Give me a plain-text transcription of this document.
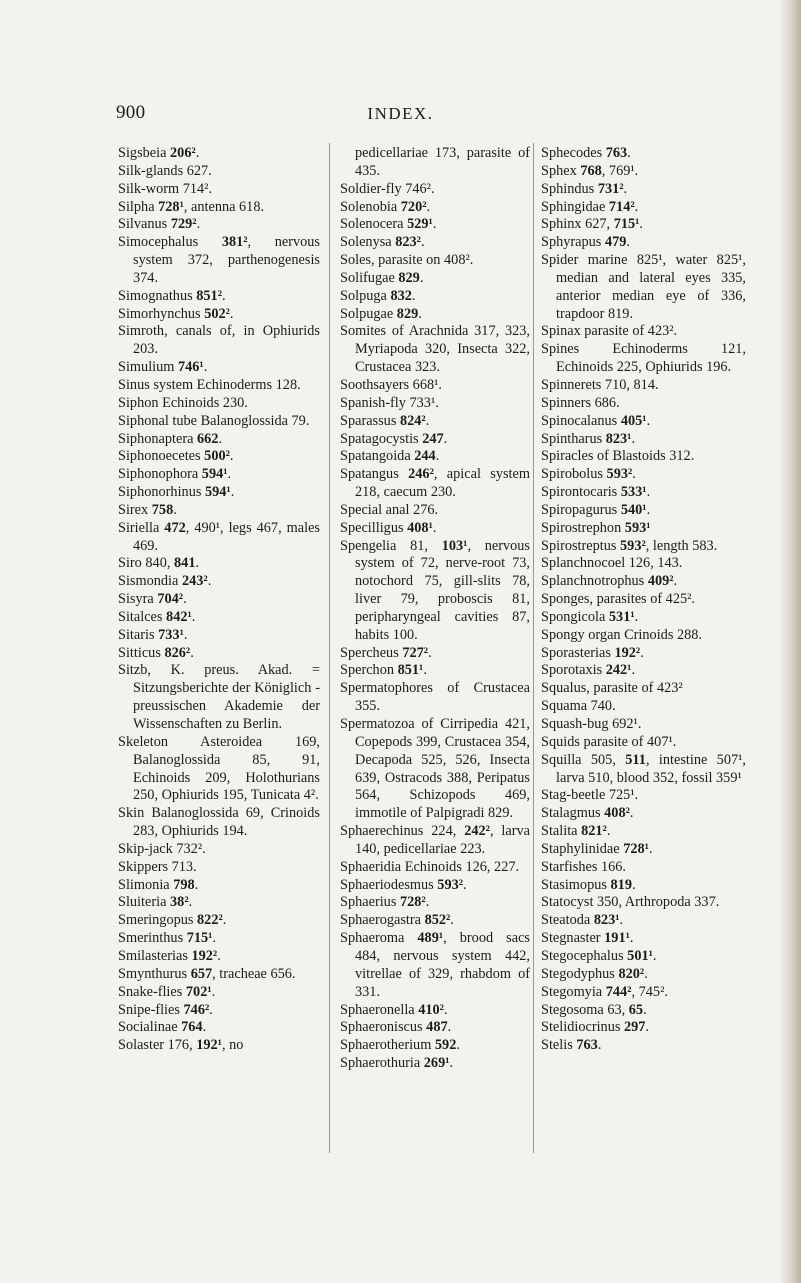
900	INDEX.

Sigsbeia 206².

Silk-glands 627.

Silk-worm 714².

Silpha 728¹, antenna 618.

Silvanus 729².

Simocephalus 381², nervous system 372, parthenogenesis 374.

Simognathus 851².

Simorhynchus 502².

Simroth, canals of, in Ophiurids 203.

Simulium 746¹.

Sinus system Echinoderms 128.

Siphon Echinoids 230.

Siphonal tube Balanoglossida 79.

Siphonaptera 662.

Siphonoecetes 500².

Siphonophora 594¹.

Siphonorhinus 594¹.

Sirex 758.

Siriella 472, 490¹, legs 467, males 469.

Siro 840, 841.

Sismondia 243².

Sisyra 704².

Sitalces 842¹.

Sitaris 733¹.

Sitticus 826².

Sitzb, K. preus. Akad. = Sitzungsberichte der Königlich - preussischen Akademie der Wissenschaften zu Berlin.

Skeleton Asteroidea 169, Balanoglossida 85, 91, Echinoids 209, Holothurians 250, Ophiurids 195, Tunicata 4².

Skin Balanoglossida 69, Crinoids 283, Ophiurids 194.

Skip-jack 732².

Skippers 713.

Slimonia 798.

Sluiteria 38².

Smeringopus 822².

Smerinthus 715¹.

Smilasterias 192².

Smynthurus 657, tracheae 656.

Snake-flies 702¹.

Snipe-flies 746².

Socialinae 764.

Solaster 176, 192¹, no

pedicellariae 173, parasite of 435.

Soldier-fly 746².

Solenobia 720².

Solenocera 529¹.

Solenysa 823².

Soles, parasite on 408².

Solifugae 829.

Solpuga 832.

Solpugae 829.

Somites of Arachnida 317, 323, Myriapoda 320, Insecta 322, Crustacea 323.

Soothsayers 668¹.

Spanish-fly 733¹.

Sparassus 824².

Spatagocystis 247.

Spatangoida 244.

Spatangus 246², apical system 218, caecum 230.

Special anal 276.

Specilligus 408¹.

Spengelia 81, 103¹, nervous system of 72, nerve-root 73, notochord 75, gill-slits 78, liver 79, proboscis 81, peripharyngeal cavities 87, habits 100.

Spercheus 727².

Sperchon 851¹.

Spermatophores of Crustacea 355.

Spermatozoa of Cirripedia 421, Copepods 399, Crustacea 354, Decapoda 525, 526, Insecta 639, Ostracods 388, Peripatus 564, Schizopods 469, immotile of Palpigradi 829.

Sphaerechinus 224, 242², larva 140, pedicellariae 223.

Sphaeridia Echinoids 126, 227.

Sphaeriodesmus 593².

Sphaerius 728².

Sphaerogastra 852².

Sphaeroma 489¹, brood sacs 484, nervous system 442, vitrellae of 329, rhabdom of 331.

Sphaeronella 410².

Sphaeroniscus 487.

Sphaerotherium 592.

Sphaerothuria 269¹.

Sphecodes 763.

Sphex 768, 769¹.

Sphindus 731².

Sphingidae 714².

Sphinx 627, 715¹.

Sphyrapus 479.

Spider marine 825¹, water 825¹, median and lateral eyes 335, anterior median eye of 336, trapdoor 819.

Spinax parasite of 423².

Spines Echinoderms 121, Echinoids 225, Ophiurids 196.

Spinnerets 710, 814.

Spinners 686.

Spinocalanus 405¹.

Spintharus 823¹.

Spiracles of Blastoids 312.

Spirobolus 593².

Spirontocaris 533¹.

Spiropagurus 540¹.

Spirostrephon 593¹

Spirostreptus 593², length 583.

Splanchnocoel 126, 143.

Splanchnotrophus 409².

Sponges, parasites of 425².

Spongicola 531¹.

Spongy organ Crinoids 288.

Sporasterias 192².

Sporotaxis 242¹.

Squalus, parasite of 423²

Squama 740.

Squash-bug 692¹.

Squids parasite of 407¹.

Squilla 505, 511, intestine 507¹, larva 510, blood 352, fossil 359¹

Stag-beetle 725¹.

Stalagmus 408².

Stalita 821².

Staphylinidae 728¹.

Starfishes 166.

Stasimopus 819.

Statocyst 350, Arthropoda 337.

Steatoda 823¹.

Stegnaster 191¹.

Stegocephalus 501¹.

Stegodyphus 820².

Stegomyia 744², 745².

Stegosoma 63, 65.

Stelidiocrinus 297.

Stelis 763.
